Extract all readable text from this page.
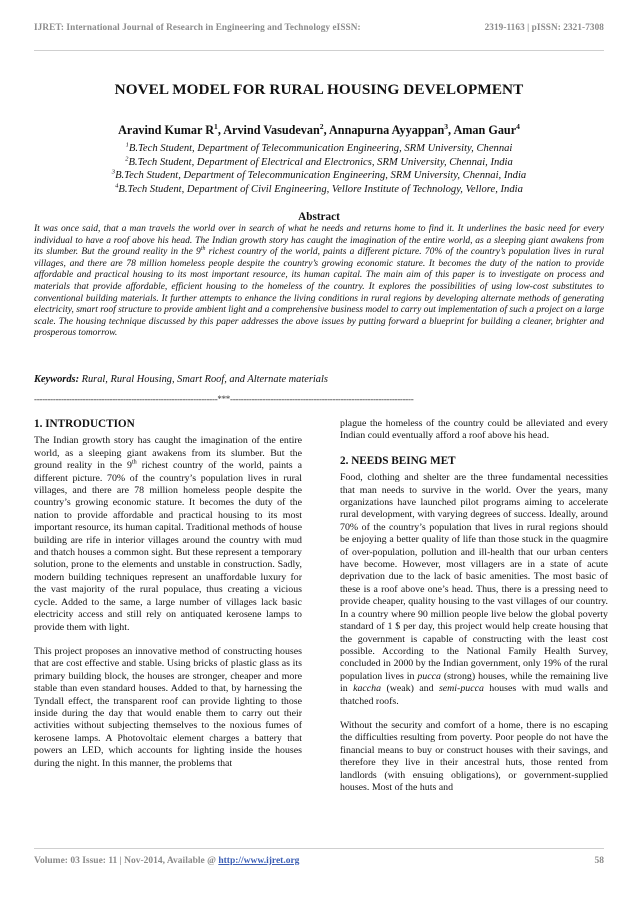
IJRET: International Journal of Research in Engineering and Technology eISSN:	2319-1163 | pISSN: 2321-7308
NOVEL MODEL FOR RURAL HOUSING DEVELOPMENT
Aravind Kumar $R^1$, Arvind Vasudevan$^2$, Annapurna Ayyappan$^3$, Aman Gaur$^4$
$^1$B.Tech Student, Department of Telecommunication Engineering, SRM University, Chennai
$^2$B.Tech Student, Department of Electrical and Electronics, SRM University, Chennai, India
$^3$B.Tech Student, Department of Telecommunication Engineering, SRM University, Chennai, India
$^4$B.Tech Student, Department of Civil Engineering, Vellore Institute of Technology, Vellore, India
Abstract
It was once said, that a man travels the world over in search of what he needs and returns home to find it. It underlines the basic need for every individual to have a roof above his head. The Indian growth story has caught the imagination of the entire world, as a sleeping giant awakens from its slumber. But the ground reality in the 9th richest country of the world, paints a different picture. 70% of the country’s population lives in rural villages, and there are 78 million homeless people despite the country’s growing economic stature. It becomes the duty of the nation to provide affordable and practical housing to its most important resource, its human capital. The main aim of this paper is to investigate on process and materials that provide affordable, efficient housing to the homeless of the country. It explores the possibilities of using low-cost substitutes to conventional building materials. It further attempts to enhance the living conditions in rural regions by developing alternate methods of generating electricity, smart roof structure to provide ambient light and a comprehensive business model to carry out implementation of such a project on a large scale. The housing technique discussed by this paper addresses the above issues by putting forward a blueprint for building a cleaner, brighter and prosperous tomorrow.
Keywords: Rural, Rural Housing, Smart Roof, and Alternate materials
--------------------------------------------------------------------***--------------------------------------------------------------------
1. INTRODUCTION

The Indian growth story has caught the imagination of the entire world, as a sleeping giant awakens from its slumber. But the ground reality in the 9th richest country of the world, paints a different picture. 70% of the country’s population lives in rural villages, and there are 78 million homeless people despite the country’s growing economic stature. It becomes the duty of the nation to provide affordable and practical housing to its most important resource, its human capital. Traditional methods of house building are rife in interior villages around the country with mud and thatch houses a common sight. But these represent a temporary solution, prone to the elements and unstable in construction. Sadly, modern building techniques represent an unaffordable luxury for the vast majority of the rural populace, thus creating a vicious cycle. Added to the same, a large number of villages lack basic electricity access and still rely on antiquated kerosene lamps to provide them with light.

This project proposes an innovative method of constructing houses that are cost effective and stable. Using bricks of plastic glass as its primary building block, the houses are stronger, cheaper and more stable than even standard houses. Added to that, by harnessing the Tyndall effect, the transparent roof can provide lighting to those inside during the day that would enable them to carry out their activities without subjecting themselves to the noxious fumes of kerosene lamps. A Photovoltaic element charges a battery that powers an LED, which accounts for lighting inside the houses during the night. In this manner, the problems that

plague the homeless of the country could be alleviated and every Indian could eventually afford a roof above his head.

2. NEEDS BEING MET

Food, clothing and shelter are the three fundamental necessities that man needs to survive in the world. Over the years, many organizations have launched pilot programs aiming to accelerate rural development, with varying degrees of success. Ideally, around 70% of the country’s population that lives in rural regions should be enjoying a better quality of life than those stuck in the quagmire of over-population, pollution and ill-health that our urban centers have become. However, most villagers are in a state of acute deprivation due to the lack of basic amenities. The most basic of these is a roof above one’s head. Thus, there is a pressing need to provide cheaper, quality housing to the vast villages of our country. In a country where 90 million people live below the global poverty standard of 1 $ per day, this project would help create housing that the government is capable of constructing with the least cost possible. According to the National Family Health Survey, concluded in 2000 by the Indian government, only 19% of the rural population lives in pucca (strong) houses, while the remaining live in kaccha (weak) and semi-pucca houses with mud walls and thatched roofs.

Without the security and comfort of a home, there is no escaping the difficulties resulting from poverty. Poor people do not have the financial means to buy or construct houses with their savings, and therefore they live in their ancestral huts, those rented from landlords (with ensuing obligations), or government-supplied houses. Most of the huts and

Volume: 03 Issue: 11 | Nov-2014, Available @ http://www.ijret.org	58
